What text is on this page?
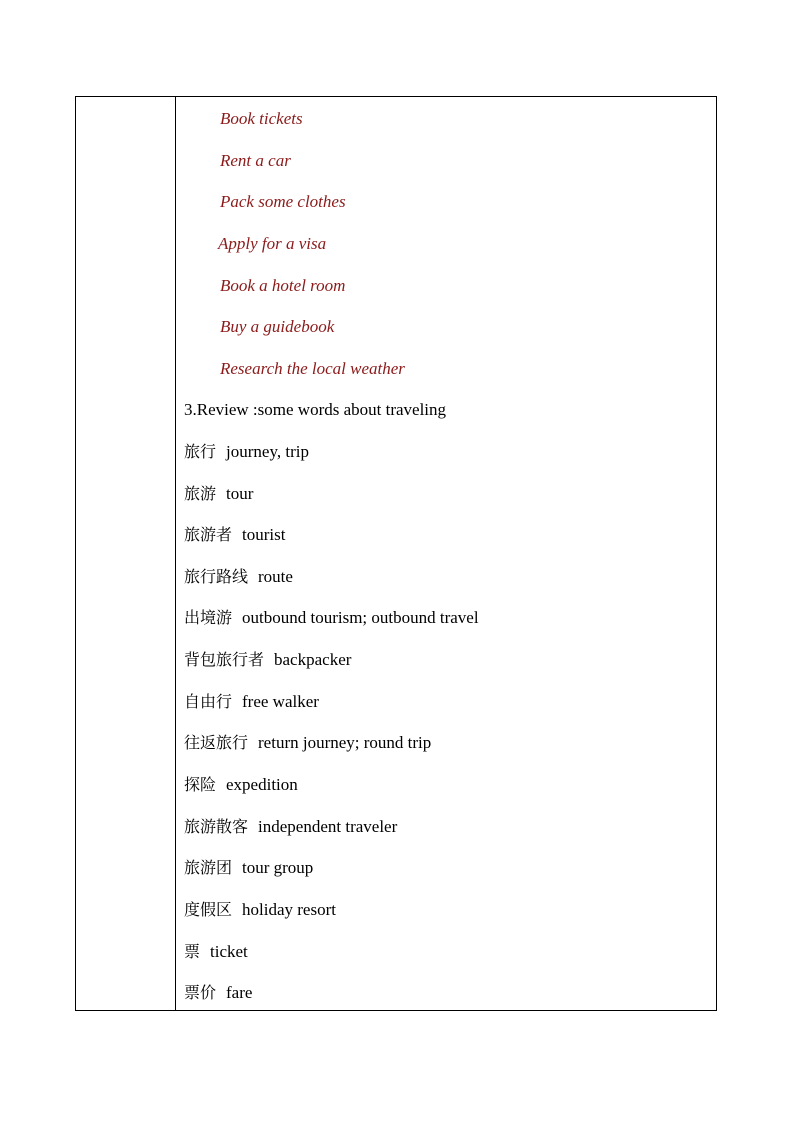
Book tickets
Rent a car
Pack some clothes
Apply for a visa
Book a hotel room
Buy a guidebook
Research the local weather
3.Review :some words about traveling
旅行 journey, trip
旅游 tour
旅游者 tourist
旅行路线 route
出境游 outbound tourism; outbound travel
背包旅行者 backpacker
自由行 free walker
往返旅行 return journey; round trip
探险 expedition
旅游散客 independent traveler
旅游团 tour group
度假区 holiday resort
票 ticket
票价 fare
